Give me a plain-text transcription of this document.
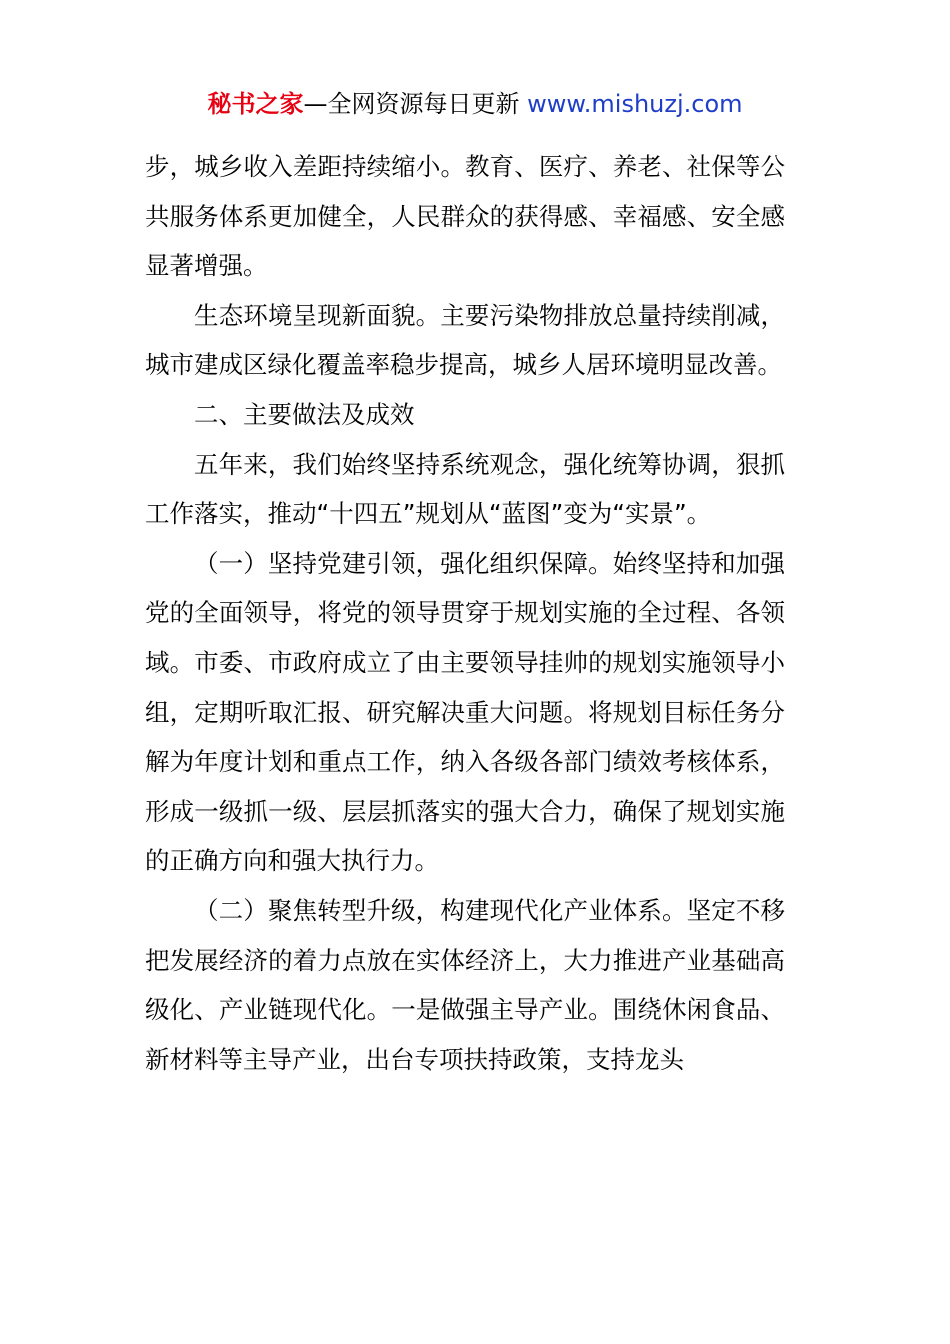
秘书之家—全网资源每日更新 www.mishuzj.com

步，城乡收入差距持续缩小。教育、医疗、养老、社保等公共服务体系更加健全，人民群众的获得感、幸福感、安全感显著增强。

生态环境呈现新面貌。主要污染物排放总量持续削减，城市建成区绿化覆盖率稳步提高，城乡人居环境明显改善。

二、主要做法及成效

五年来，我们始终坚持系统观念，强化统筹协调，狠抓工作落实，推动“十四五”规划从“蓝图”变为“实景”。

（一）坚持党建引领，强化组织保障。始终坚持和加强党的全面领导，将党的领导贯穿于规划实施的全过程、各领域。市委、市政府成立了由主要领导挂帅的规划实施领导小组，定期听取汇报、研究解决重大问题。将规划目标任务分解为年度计划和重点工作，纳入各级各部门绩效考核体系，形成一级抓一级、层层抓落实的强大合力，确保了规划实施的正确方向和强大执行力。

（二）聚焦转型升级，构建现代化产业体系。坚定不移把发展经济的着力点放在实体经济上，大力推进产业基础高级化、产业链现代化。一是做强主导产业。围绕休闲食品、新材料等主导产业，出台专项扶持政策，支持龙头
